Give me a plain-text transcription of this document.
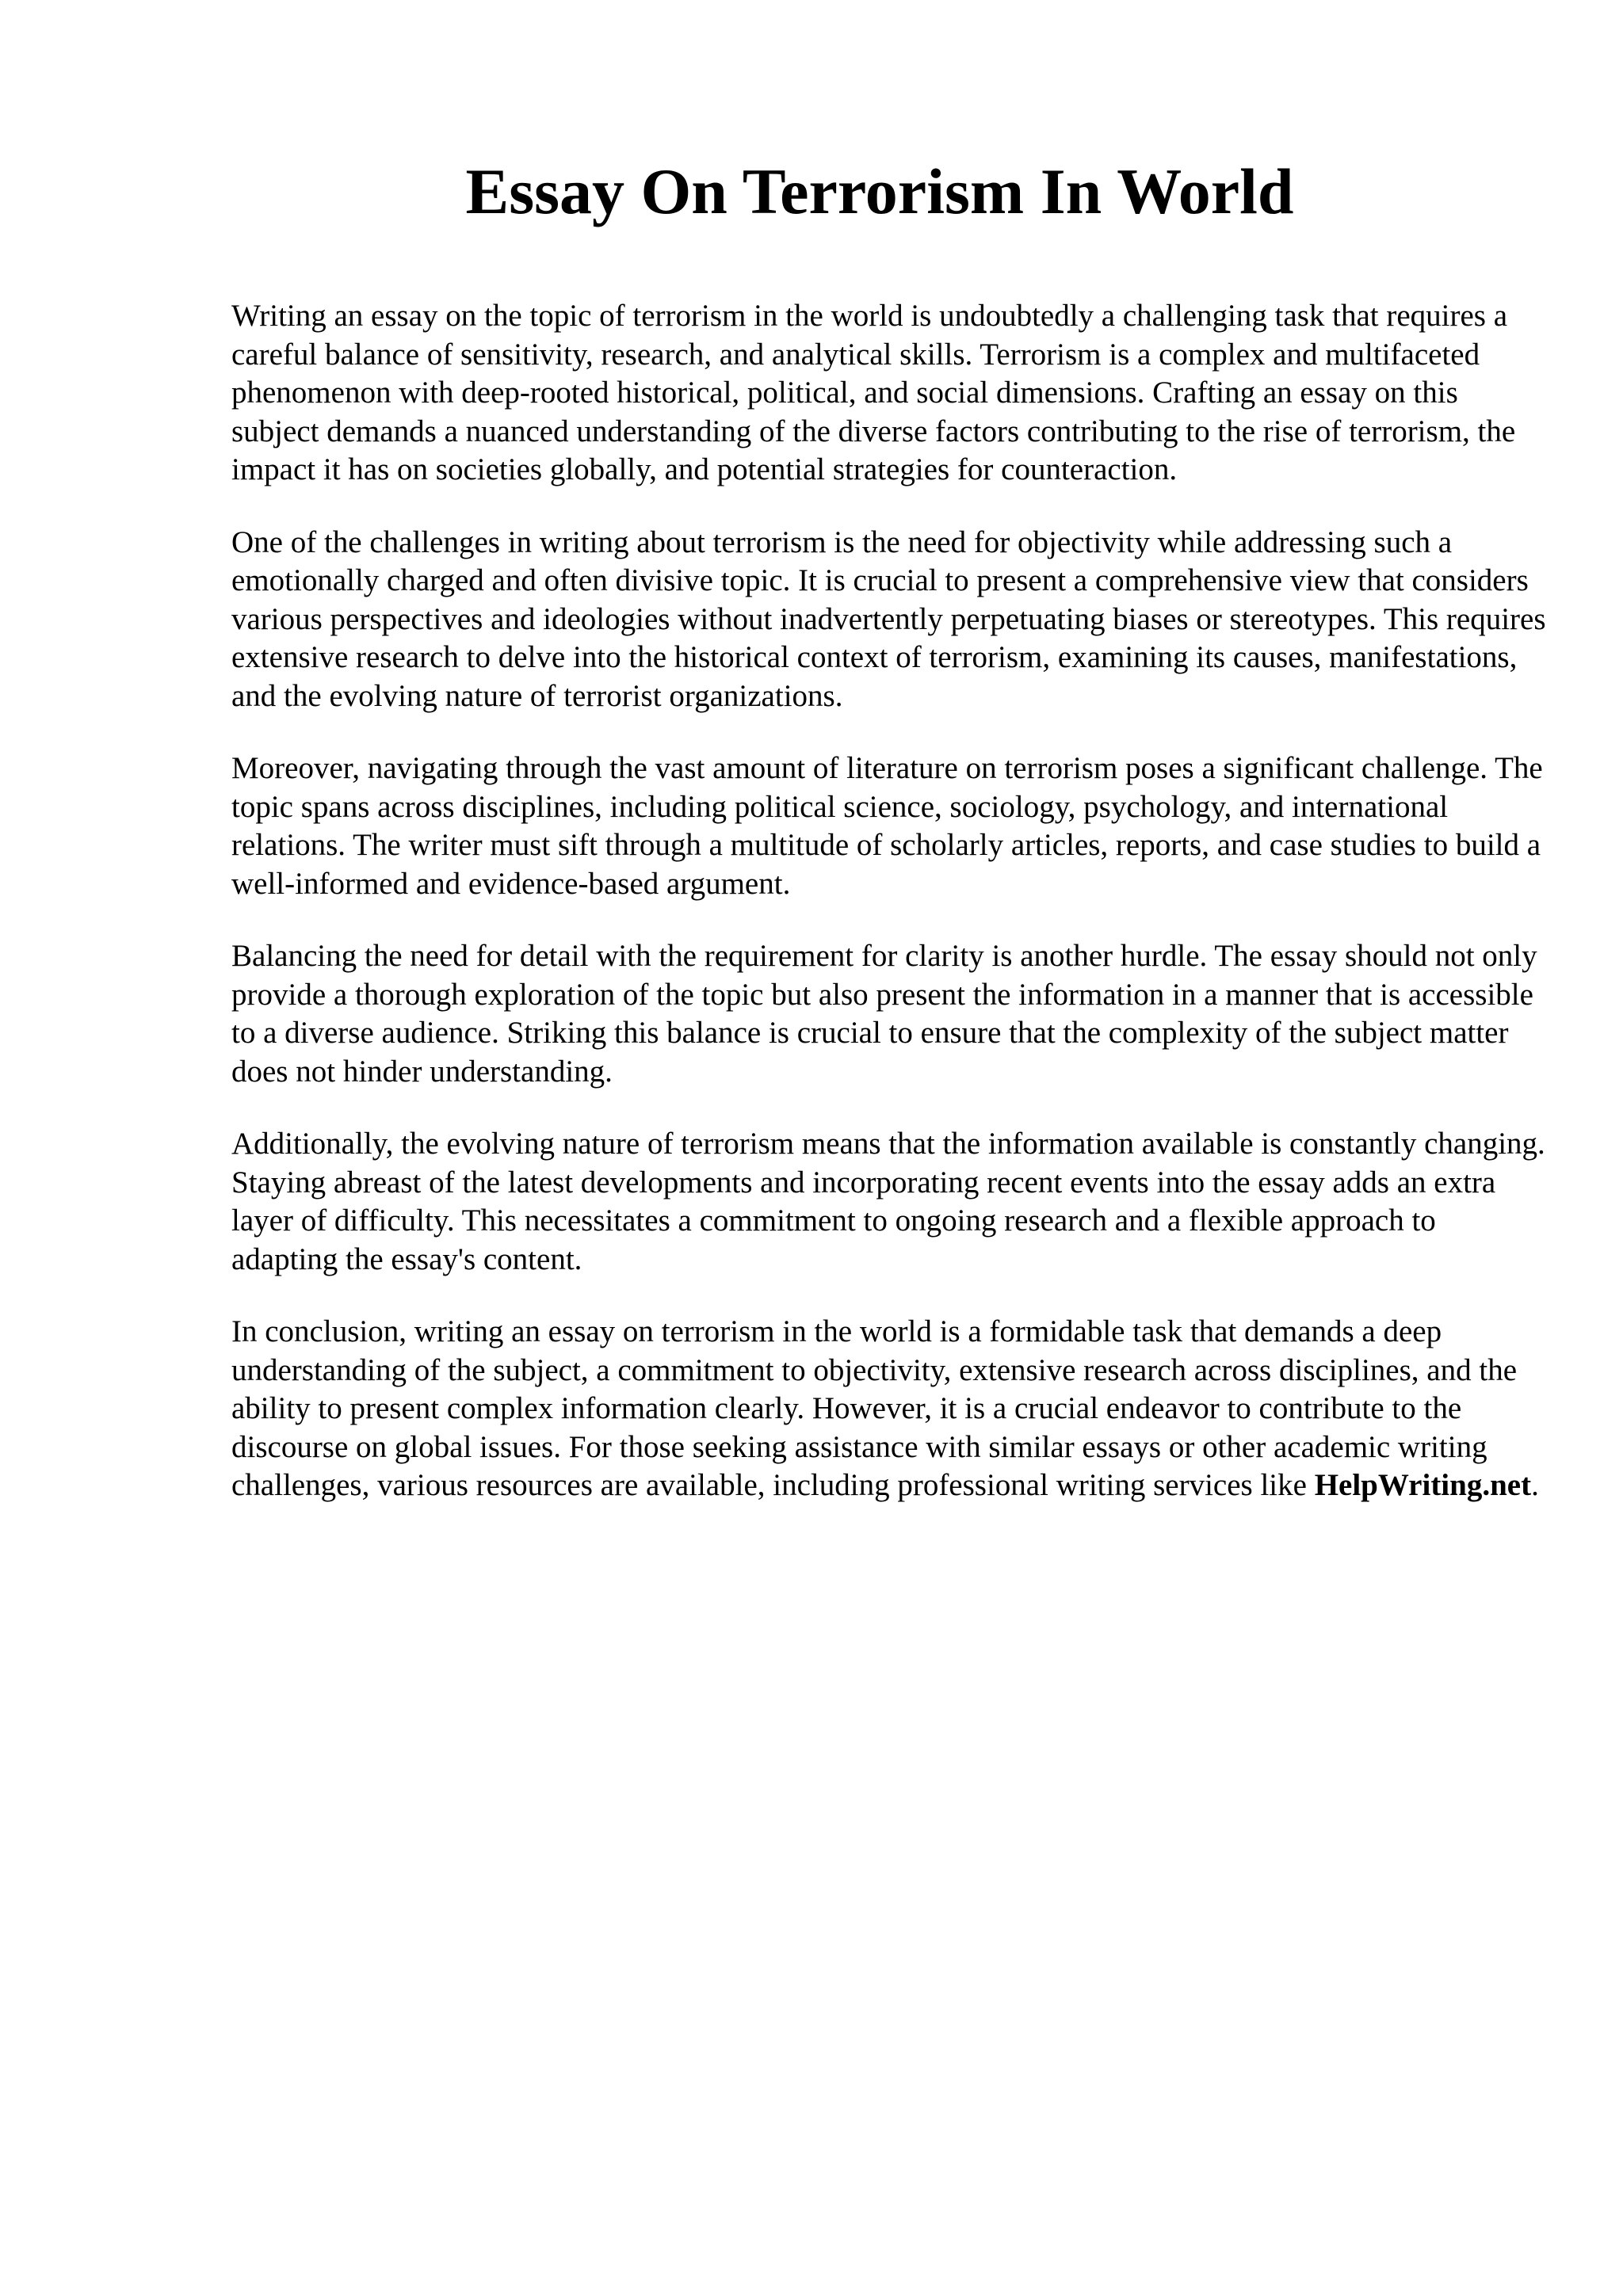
Essay On Terrorism In World

Writing an essay on the topic of terrorism in the world is undoubtedly a challenging task that requires a careful balance of sensitivity, research, and analytical skills. Terrorism is a complex and multifaceted phenomenon with deep-rooted historical, political, and social dimensions. Crafting an essay on this subject demands a nuanced understanding of the diverse factors contributing to the rise of terrorism, the impact it has on societies globally, and potential strategies for counteraction.

One of the challenges in writing about terrorism is the need for objectivity while addressing such a emotionally charged and often divisive topic. It is crucial to present a comprehensive view that considers various perspectives and ideologies without inadvertently perpetuating biases or stereotypes. This requires extensive research to delve into the historical context of terrorism, examining its causes, manifestations, and the evolving nature of terrorist organizations.

Moreover, navigating through the vast amount of literature on terrorism poses a significant challenge. The topic spans across disciplines, including political science, sociology, psychology, and international relations. The writer must sift through a multitude of scholarly articles, reports, and case studies to build a well-informed and evidence-based argument.

Balancing the need for detail with the requirement for clarity is another hurdle. The essay should not only provide a thorough exploration of the topic but also present the information in a manner that is accessible to a diverse audience. Striking this balance is crucial to ensure that the complexity of the subject matter does not hinder understanding.

Additionally, the evolving nature of terrorism means that the information available is constantly changing. Staying abreast of the latest developments and incorporating recent events into the essay adds an extra layer of difficulty. This necessitates a commitment to ongoing research and a flexible approach to adapting the essay's content.

In conclusion, writing an essay on terrorism in the world is a formidable task that demands a deep understanding of the subject, a commitment to objectivity, extensive research across disciplines, and the ability to present complex information clearly. However, it is a crucial endeavor to contribute to the discourse on global issues. For those seeking assistance with similar essays or other academic writing challenges, various resources are available, including professional writing services like HelpWriting.net.
